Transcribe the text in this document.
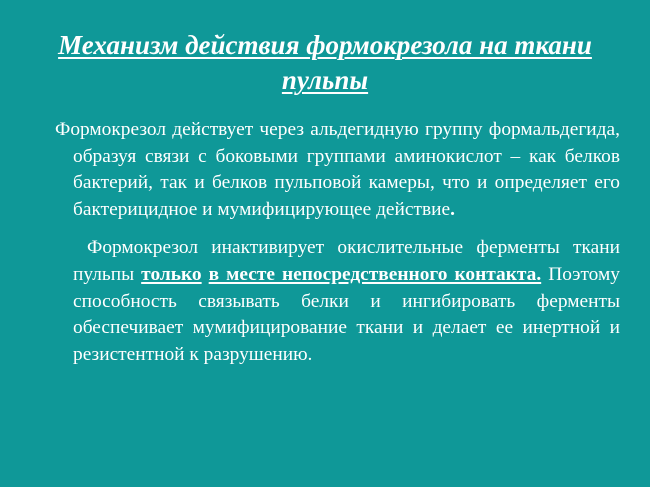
Механизм действия формокрезола на ткани пульпы

Формокрезол действует через альдегидную группу формальдегида, образуя связи с боковыми группами аминокислот – как белков бактерий, так и белков пульповой камеры, что и определяет его бактерицидное и мумифицирующее действие.

Формокрезол инактивирует окислительные ферменты ткани пульпы только в месте непосредственного контакта. Поэтому способность связывать белки и ингибировать ферменты обеспечивает мумифицирование ткани и делает ее инертной и резистентной к разрушению.
